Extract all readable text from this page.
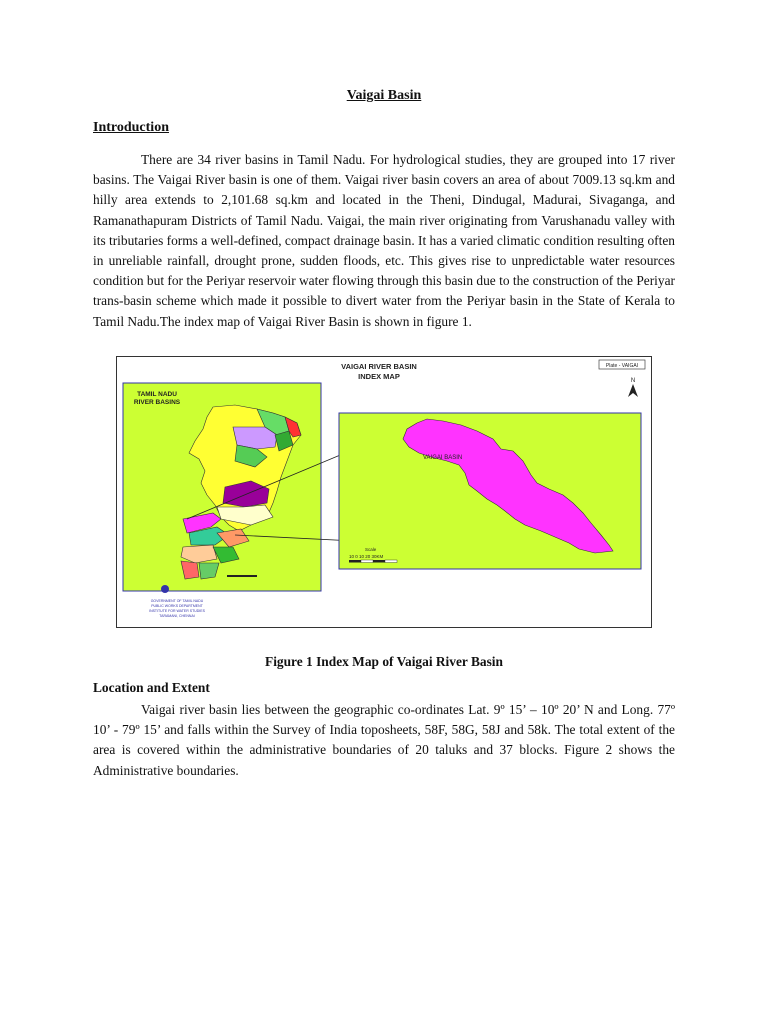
Vaigai Basin
Introduction
There are 34 river basins in Tamil Nadu. For hydrological studies, they are grouped into 17 river basins. The Vaigai River basin is one of them. Vaigai river basin covers an area of about 7009.13 sq.km and hilly area extends to 2,101.68 sq.km and located in the Theni, Dindugal, Madurai, Sivaganga, and Ramanathapuram Districts of Tamil Nadu. Vaigai, the main river originating from Varushanadu valley with its tributaries forms a well-defined, compact drainage basin. It has a varied climatic condition resulting often in unreliable rainfall, drought prone, sudden floods, etc. This gives rise to unpredictable water resources condition but for the Periyar reservoir water flowing through this basin due to the construction of the Periyar trans-basin scheme which made it possible to divert water from the Periyar basin in the State of Kerala to Tamil Nadu.The index map of Vaigai River Basin is shown in figure 1.
VAIGAI RIVER BASIN
INDEX MAP
Plate - VAIGAI
N
TAMIL NADU
RIVER BASINS
GOVERNMENT OF TAMIL NADU
PUBLIC WORKS DEPARTMENT
INSTITUTE FOR WATER STUDIES
TARAMANI, CHENNAI
VAIGAI BASIN
Scale
10 0 10 20 30KM
Figure 1 Index Map of Vaigai River Basin
Location and Extent
Vaigai river basin lies between the geographic co-ordinates Lat. 9º 15’ – 10º 20’ N and Long. 77º 10’ - 79º 15’ and falls within the Survey of India toposheets, 58F, 58G, 58J and 58k. The total extent of the area is covered within the administrative boundaries of 20 taluks and 37 blocks. Figure 2 shows the Administrative boundaries.
